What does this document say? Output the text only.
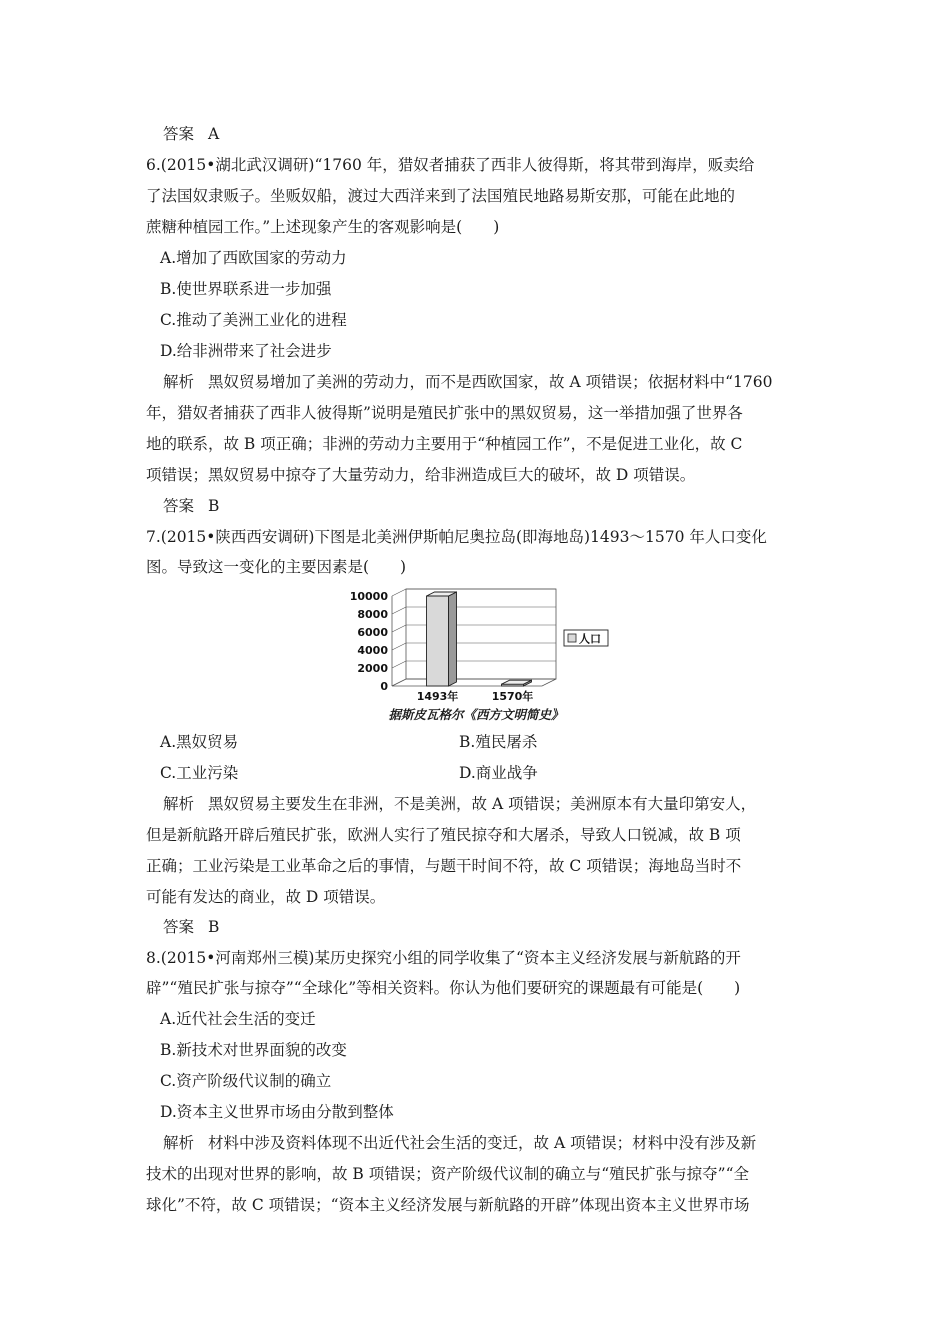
答案 A
6.(2015•湖北武汉调研)“1760 年，猎奴者捕获了西非人彼得斯，将其带到海岸，贩卖给
了法国奴隶贩子。坐贩奴船，渡过大西洋来到了法国殖民地路易斯安那，可能在此地的
蔗糖种植园工作。”上述现象产生的客观影响是(　　)
A.增加了西欧国家的劳动力
B.使世界联系进一步加强
C.推动了美洲工业化的进程
D.给非洲带来了社会进步
解析 黑奴贸易增加了美洲的劳动力，而不是西欧国家，故 A 项错误；依据材料中“1760
年，猎奴者捕获了西非人彼得斯”说明是殖民扩张中的黑奴贸易，这一举措加强了世界各
地的联系，故 B 项正确；非洲的劳动力主要用于“种植园工作”，不是促进工业化，故 C
项错误；黑奴贸易中掠夺了大量劳动力，给非洲造成巨大的破坏，故 D 项错误。
答案 B
7.(2015•陕西西安调研)下图是北美洲伊斯帕尼奥拉岛(即海地岛)1493～1570 年人口变化
图。导致这一变化的主要因素是(　　)
10000
8000
6000
4000
2000
0
1493年	1570年
人口
据斯皮瓦格尔《西方文明简史》
A.黑奴贸易	B.殖民屠杀
C.工业污染	D.商业战争
解析 黑奴贸易主要发生在非洲，不是美洲，故 A 项错误；美洲原本有大量印第安人，
但是新航路开辟后殖民扩张，欧洲人实行了殖民掠夺和大屠杀，导致人口锐减，故 B 项
正确；工业污染是工业革命之后的事情，与题干时间不符，故 C 项错误；海地岛当时不
可能有发达的商业，故 D 项错误。
答案 B
8.(2015•河南郑州三模)某历史探究小组的同学收集了“资本主义经济发展与新航路的开
辟”“殖民扩张与掠夺”“全球化”等相关资料。你认为他们要研究的课题最有可能是(　　)
A.近代社会生活的变迁
B.新技术对世界面貌的改变
C.资产阶级代议制的确立
D.资本主义世界市场由分散到整体
解析 材料中涉及资料体现不出近代社会生活的变迁，故 A 项错误；材料中没有涉及新
技术的出现对世界的影响，故 B 项错误；资产阶级代议制的确立与“殖民扩张与掠夺”“全
球化”不符，故 C 项错误；“资本主义经济发展与新航路的开辟”体现出资本主义世界市场
